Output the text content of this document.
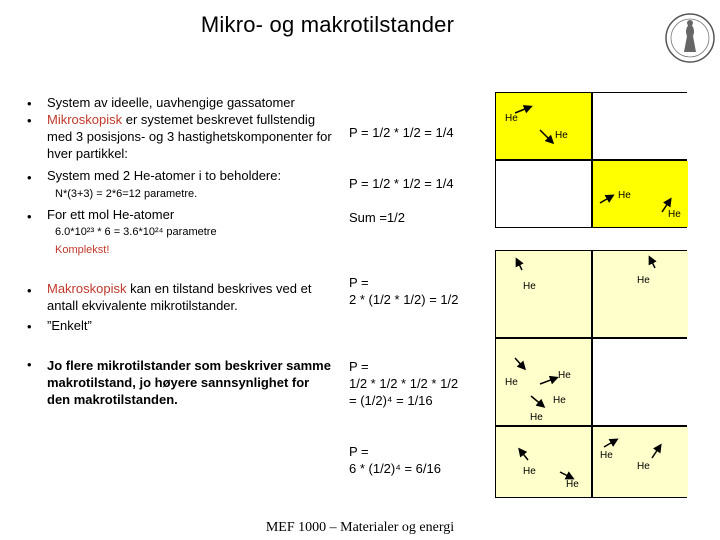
Mikro- og makrotilstander
• System av ideelle, uavhengige gassatomer
• Mikroskopisk er systemet beskrevet fullstendig med 3 posisjons- og 3 hastighetskomponenter for hver partikkel:
• System med 2 He-atomer i to beholdere:
N*(3+3) = 2*6=12 parametre.
• For ett mol He-atomer
6.0*10²³ * 6 = 3.6*10²⁴ parametre
Komplekst!
• Makroskopisk kan en tilstand beskrives ved et antall ekvivalente mikrotilstander.
• ”Enkelt”
• Jo flere mikrotilstander som beskriver samme makrotilstand, jo høyere sannsynlighet for den makrotilstanden.
P = 1/2 * 1/2 = 1/4
P = 1/2 * 1/2 = 1/4
Sum =1/2
P =
2 * (1/2 * 1/2) = 1/2
P =
1/2 * 1/2 * 1/2 * 1/2
= (1/2)⁴ = 1/16
P =
6 * (1/2)⁴ = 6/16
He
He
He
He
He
He
He
He
He
He
He
He
He
He
MEF 1000 – Materialer og energi
